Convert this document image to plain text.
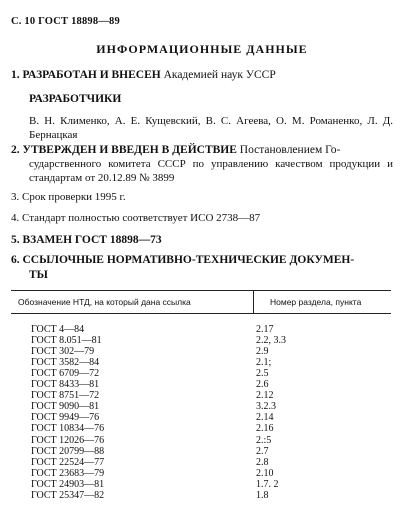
С. 10 ГОСТ 18898—89
ИНФОРМАЦИОННЫЕ ДАННЫЕ
1. РАЗРАБОТАН И ВНЕСЕН Академией наук УССР
РАЗРАБОТЧИКИ
В. Н. Клименко, А. Е. Кущевский, В. С. Агеева, О. М. Романенко, Л. Д. Бернацкая
2. УТВЕРЖДЕН И ВВЕДЕН В ДЕЙСТВИЕ Постановлением Го-
сударственного комитета СССР по управлению качеством продукции и стандартам от 20.12.89 № 3899
3. Срок проверки 1995 г.
4. Стандарт полностью соответствует ИСО 2738—87
5. ВЗАМЕН ГОСТ 18898—73
6. ССЫЛОЧНЫЕ НОРМАТИВНО-ТЕХНИЧЕСКИЕ ДОКУМЕН-
ТЫ
Обозначение НТД, на который дана ссылка	Номер раздела, пункта
ГОСТ 4—84	2.17
ГОСТ 8.051—81	2.2, 3.3
ГОСТ 302—79	2.9
ГОСТ 3582—84	2.1;
ГОСТ 6709—72	2.5
ГОСТ 8433—81	2.6
ГОСТ 8751—72	2.12
ГОСТ 9090—81	3.2.3
ГОСТ 9949—76	2.14
ГОСТ 10834—76	2.16
ГОСТ 12026—76	2.:5
ГОСТ 20799—88	2.7
ГОСТ 22524—77	2.8
ГОСТ 23683—79	2.10
ГОСТ 24903—81	1.7. 2
ГОСТ 25347—82	1.8
